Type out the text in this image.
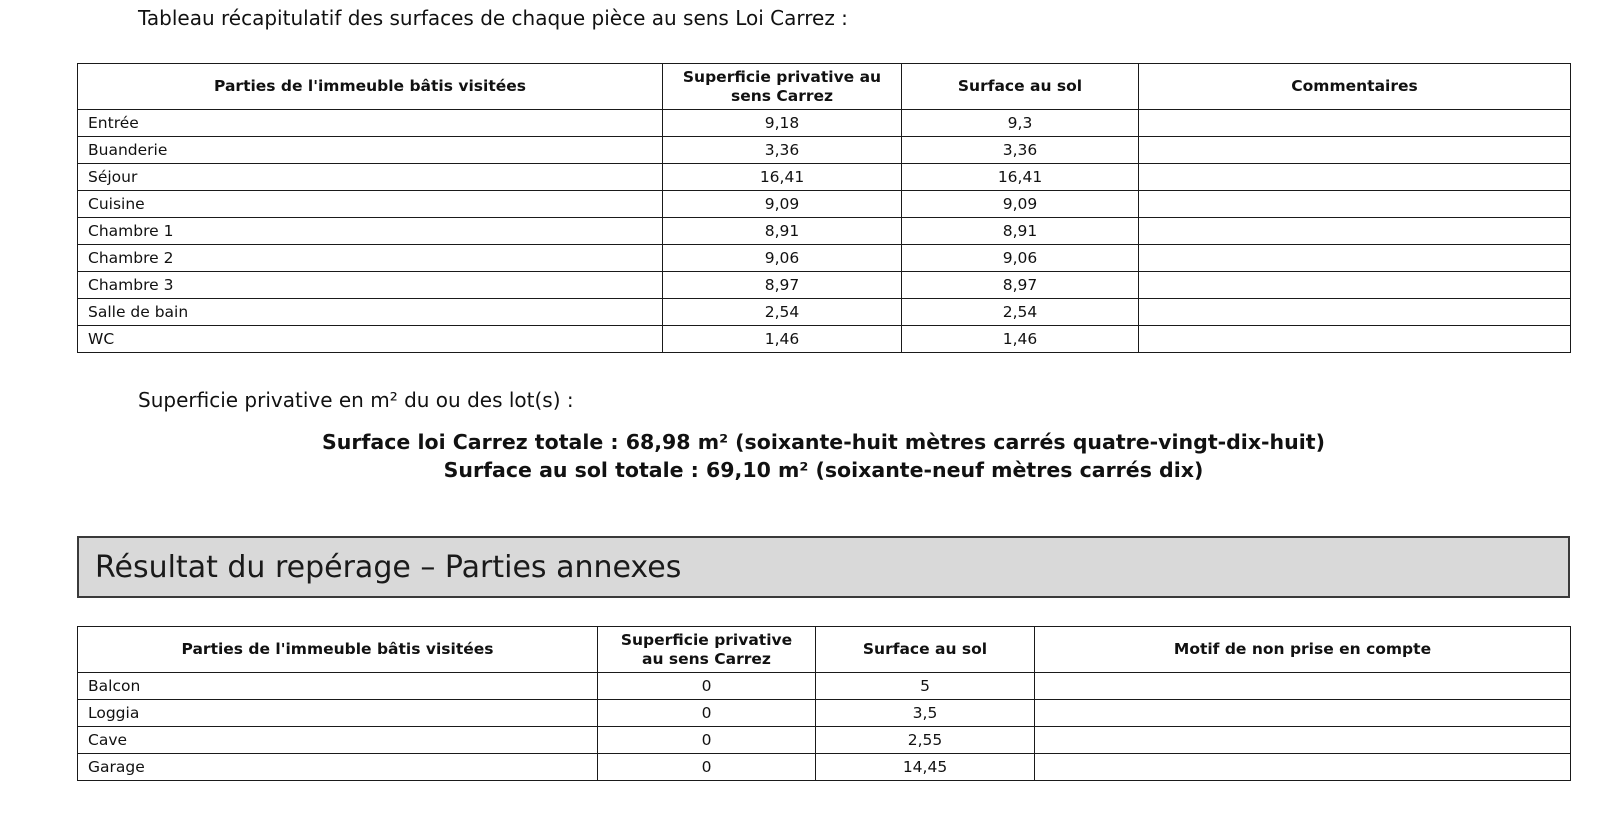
Tableau récapitulatif des surfaces de chaque pièce au sens Loi Carrez :

Parties de l'immeuble bâtis visitées	Superficie privative au sens Carrez	Surface au sol	Commentaires
Entrée	9,18	9,3	
Buanderie	3,36	3,36	
Séjour	16,41	16,41	
Cuisine	9,09	9,09	
Chambre 1	8,91	8,91	
Chambre 2	9,06	9,06	
Chambre 3	8,97	8,97	
Salle de bain	2,54	2,54	
WC	1,46	1,46	

Superficie privative en m² du ou des lot(s) :

Surface loi Carrez totale : 68,98 m² (soixante-huit mètres carrés quatre-vingt-dix-huit)
Surface au sol totale : 69,10 m² (soixante-neuf mètres carrés dix)
Résultat du repérage – Parties annexes
Parties de l'immeuble bâtis visitées	Superficie privative au sens Carrez	Surface au sol	Motif de non prise en compte
Balcon	0	5	
Loggia	0	3,5	
Cave	0	2,55	
Garage	0	14,45	
